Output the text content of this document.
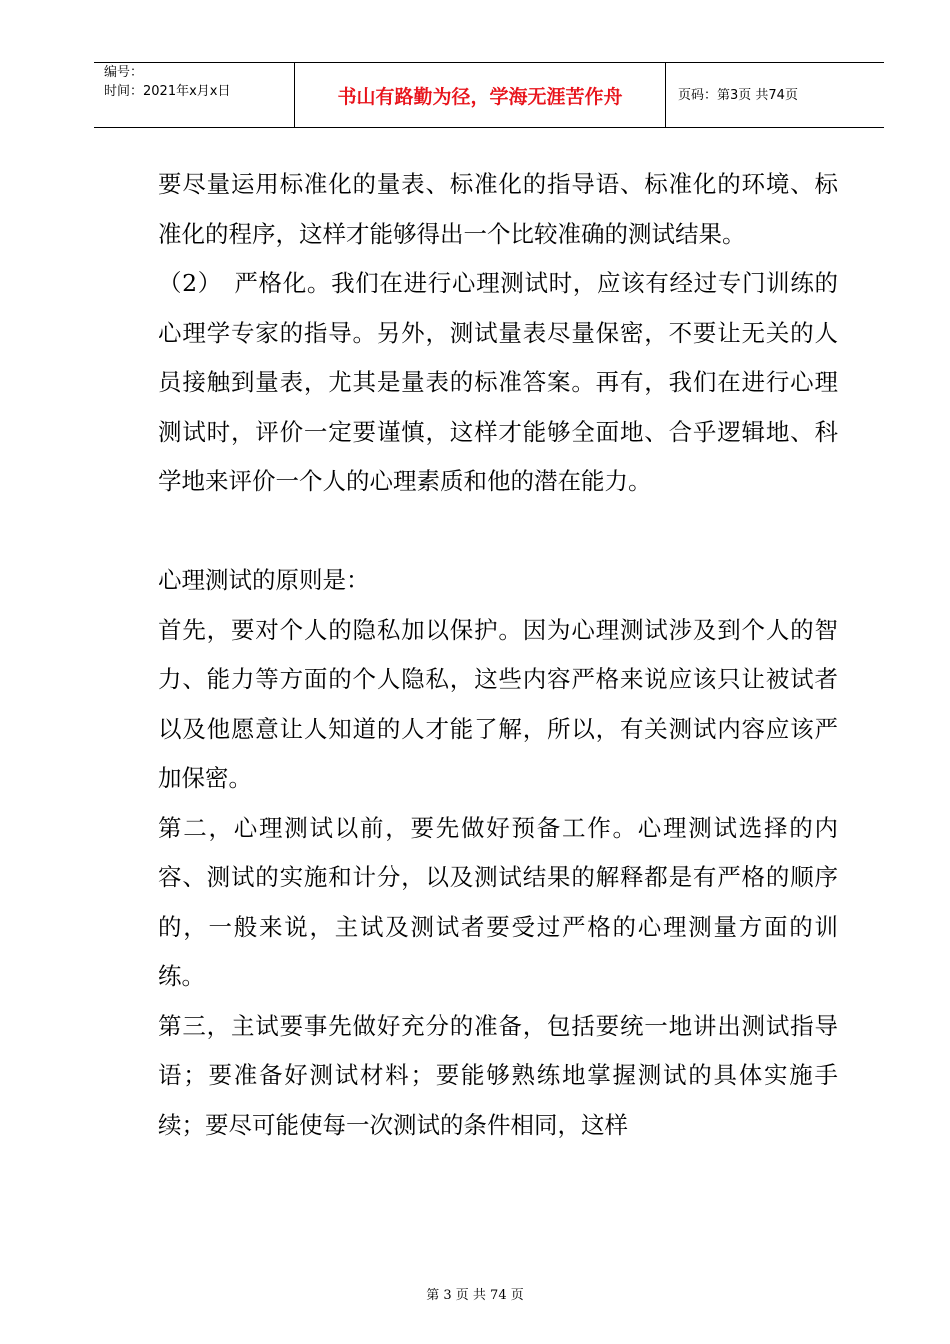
编号：
时间：2021年x月x日	书山有路勤为径，学海无涯苦作舟	页码：第3页 共74页

要尽量运用标准化的量表、标准化的指导语、标准化的环境、标准化的程序，这样才能够得出一个比较准确的测试结果。

（2）　严格化。我们在进行心理测试时，应该有经过专门训练的心理学专家的指导。另外，测试量表尽量保密，不要让无关的人员接触到量表，尤其是量表的标准答案。再有，我们在进行心理测试时，评价一定要谨慎，这样才能够全面地、合乎逻辑地、科学地来评价一个人的心理素质和他的潜在能力。

心理测试的原则是：

首先，要对个人的隐私加以保护。因为心理测试涉及到个人的智力、能力等方面的个人隐私，这些内容严格来说应该只让被试者以及他愿意让人知道的人才能了解，所以，有关测试内容应该严加保密。

第二，心理测试以前，要先做好预备工作。心理测试选择的内容、测试的实施和计分，以及测试结果的解释都是有严格的顺序的，一般来说，主试及测试者要受过严格的心理测量方面的训练。

第三，主试要事先做好充分的准备，包括要统一地讲出测试指导语；要准备好测试材料；要能够熟练地掌握测试的具体实施手续；要尽可能使每一次测试的条件相同，这样

第 3 页 共 74 页
